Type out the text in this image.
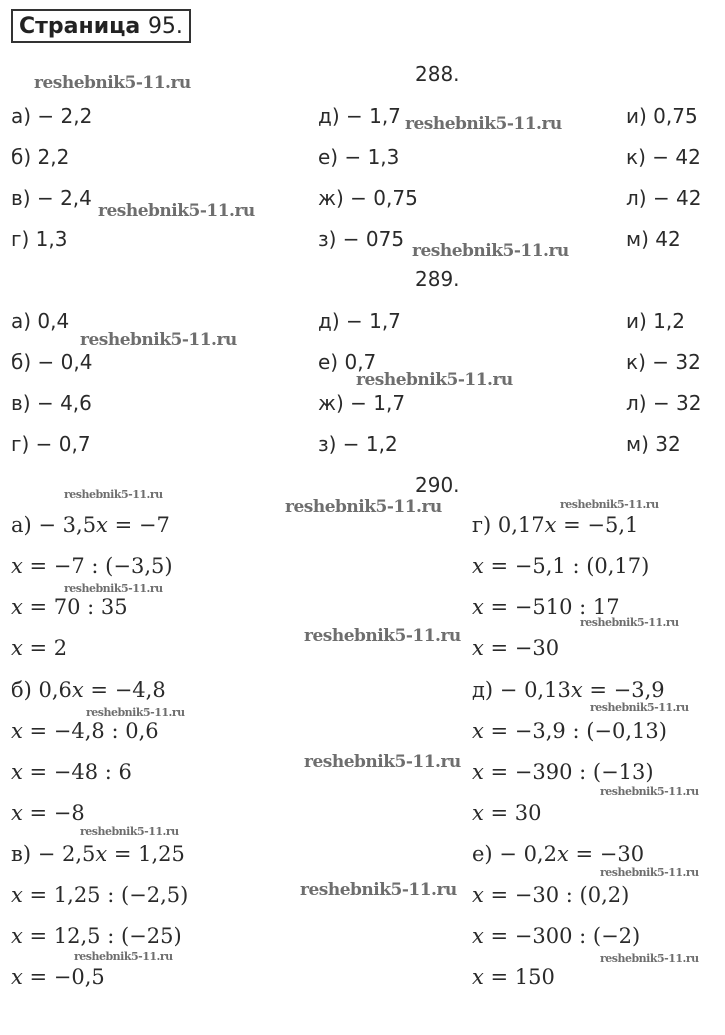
Страница 95.
288.
а) − 2,2
б) 2,2
в) − 2,4
г) 1,3
д) − 1,7
е) − 1,3
ж) − 0,75
з) − 075
и) 0,75
к) − 42
л) − 42
м) 42
289.
а) 0,4
б) − 0,4
в) − 4,6
г) − 0,7
д) − 1,7
е) 0,7
ж) − 1,7
з) − 1,2
и) 1,2
к) − 32
л) − 32
м) 32
290.
а) − 3,5𝑥 = −7
𝑥 = −7 : (−3,5)
𝑥 = 70 : 35
𝑥 = 2
б) 0,6𝑥 = −4,8
𝑥 = −4,8 : 0,6
𝑥 = −48 : 6
𝑥 = −8
в) − 2,5𝑥 = 1,25
𝑥 = 1,25 : (−2,5)
𝑥 = 12,5 : (−25)
𝑥 = −0,5
г) 0,17𝑥 = −5,1
𝑥 = −5,1 : (0,17)
𝑥 = −510 : 17
𝑥 = −30
д) − 0,13𝑥 = −3,9
𝑥 = −3,9 : (−0,13)
𝑥 = −390 : (−13)
𝑥 = 30
е) − 0,2𝑥 = −30
𝑥 = −30 : (0,2)
𝑥 = −300 : (−2)
𝑥 = 150
reshebnik5-11.ru
reshebnik5-11.ru
reshebnik5-11.ru
reshebnik5-11.ru
reshebnik5-11.ru
reshebnik5-11.ru
reshebnik5-11.ru
reshebnik5-11.ru	reshebnik5-11.ru
reshebnik5-11.ru
reshebnik5-11.ru
reshebnik5-11.ru
reshebnik5-11.ru
reshebnik5-11.ru
reshebnik5-11.ru
reshebnik5-11.ru
reshebnik5-11.ru
reshebnik5-11.ru
reshebnik5-11.ru
reshebnik5-11.ru	reshebnik5-11.ru
